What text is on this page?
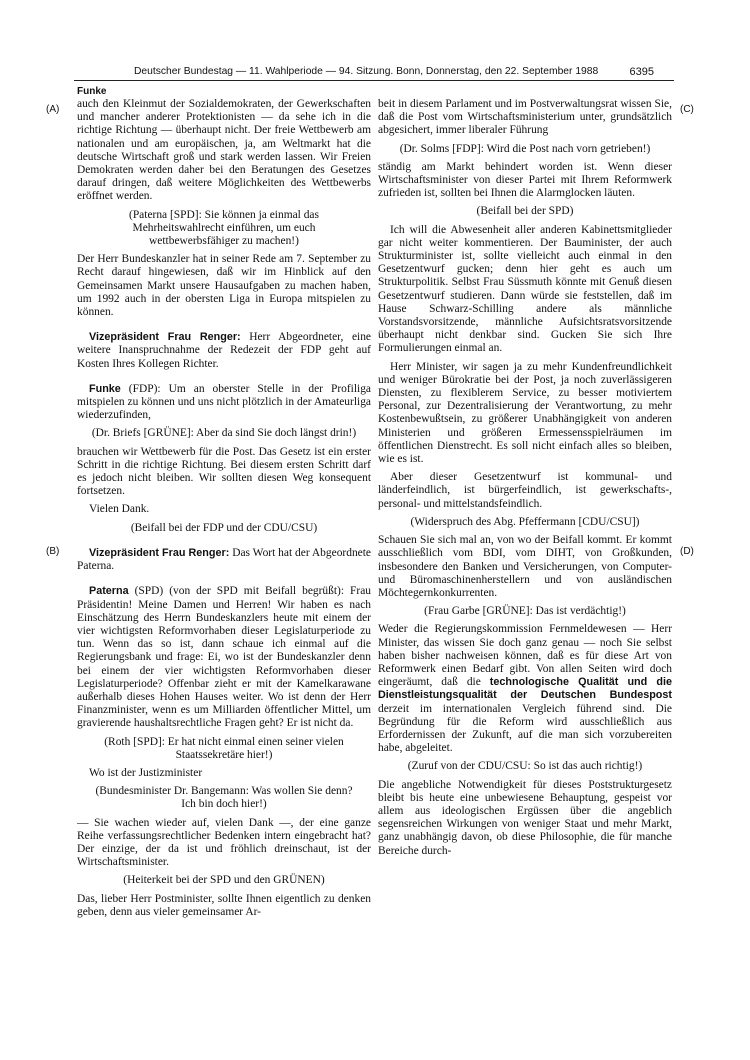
Deutscher Bundestag — 11. Wahlperiode — 94. Sitzung. Bonn, Donnerstag, den 22. September 1988	6395
Funke
(A)
(B)
(C)
(D)

auch den Kleinmut der Sozialdemokraten, der Gewerkschaften und mancher anderer Protektionisten — da sehe ich in die richtige Richtung — überhaupt nicht. Der freie Wettbewerb am nationalen und am europäischen, ja, am Weltmarkt hat die deutsche Wirtschaft groß und stark werden lassen. Wir Freien Demokraten werden daher bei den Beratungen des Gesetzes darauf dringen, daß weitere Möglichkeiten des Wettbewerbs eröffnet werden.

(Paterna [SPD]: Sie können ja einmal das Mehrheitswahlrecht einführen, um euch wettbewerbsfähiger zu machen!)

Der Herr Bundeskanzler hat in seiner Rede am 7. September zu Recht darauf hingewiesen, daß wir im Hinblick auf den Gemeinsamen Markt unsere Hausaufgaben zu machen haben, um 1992 auch in der obersten Liga in Europa mitspielen zu können.

Vizepräsident Frau Renger: Herr Abgeordneter, eine weitere Inanspruchnahme der Redezeit der FDP geht auf Kosten Ihres Kollegen Richter.

Funke (FDP): Um an oberster Stelle in der Profiliga mitspielen zu können und uns nicht plötzlich in der Amateurliga wiederzufinden,

(Dr. Briefs [GRÜNE]: Aber da sind Sie doch längst drin!)

brauchen wir Wettbewerb für die Post. Das Gesetz ist ein erster Schritt in die richtige Richtung. Bei diesem ersten Schritt darf es jedoch nicht bleiben. Wir sollten diesen Weg konsequent fortsetzen.

Vielen Dank.

(Beifall bei der FDP und der CDU/CSU)

Vizepräsident Frau Renger: Das Wort hat der Abgeordnete Paterna.

Paterna (SPD) (von der SPD mit Beifall begrüßt): Frau Präsidentin! Meine Damen und Herren! Wir haben es nach Einschätzung des Herrn Bundeskanzlers heute mit einem der vier wichtigsten Reformvorhaben dieser Legislaturperiode zu tun. Wenn das so ist, dann schaue ich einmal auf die Regierungsbank und frage: Ei, wo ist der Bundeskanzler denn bei einem der vier wichtigsten Reformvorhaben dieser Legislaturperiode? Offenbar zieht er mit der Kamelkarawane außerhalb dieses Hohen Hauses weiter. Wo ist denn der Herr Finanzminister, wenn es um Milliarden öffentlicher Mittel, um gravierende haushaltsrechtliche Fragen geht? Er ist nicht da.

(Roth [SPD]: Er hat nicht einmal einen seiner vielen Staatssekretäre hier!)

Wo ist der Justizminister

(Bundesminister Dr. Bangemann: Was wollen Sie denn? Ich bin doch hier!)

— Sie wachen wieder auf, vielen Dank —, der eine ganze Reihe verfassungsrechtlicher Bedenken intern eingebracht hat? Der einzige, der da ist und fröhlich dreinschaut, ist der Wirtschaftsminister.

(Heiterkeit bei der SPD und den GRÜNEN)

Das, lieber Herr Postminister, sollte Ihnen eigentlich zu denken geben, denn aus vieler gemeinsamer Ar-

beit in diesem Parlament und im Postverwaltungsrat wissen Sie, daß die Post vom Wirtschaftsministerium unter, grundsätzlich abgesichert, immer liberaler Führung

(Dr. Solms [FDP]: Wird die Post nach vorn getrieben!)

ständig am Markt behindert worden ist. Wenn dieser Wirtschaftsminister von dieser Partei mit Ihrem Reformwerk zufrieden ist, sollten bei Ihnen die Alarmglocken läuten.

(Beifall bei der SPD)

Ich will die Abwesenheit aller anderen Kabinettsmitglieder gar nicht weiter kommentieren. Der Bauminister, der auch Strukturminister ist, sollte vielleicht auch einmal in den Gesetzentwurf gucken; denn hier geht es auch um Strukturpolitik. Selbst Frau Süssmuth könnte mit Genuß diesen Gesetzentwurf studieren. Dann würde sie feststellen, daß im Hause Schwarz-Schilling andere als männliche Vorstandsvorsitzende, männliche Aufsichtsratsvorsitzende überhaupt nicht denkbar sind. Gucken Sie sich Ihre Formulierungen einmal an.

Herr Minister, wir sagen ja zu mehr Kundenfreundlichkeit und weniger Bürokratie bei der Post, ja noch zuverlässigeren Diensten, zu flexiblerem Service, zu besser motiviertem Personal, zur Dezentralisierung der Verantwortung, zu mehr Kostenbewußtsein, zu größerer Unabhängigkeit von anderen Ministerien und größeren Ermessensspielräumen im öffentlichen Dienstrecht. Es soll nicht einfach alles so bleiben, wie es ist.

Aber dieser Gesetzentwurf ist kommunal- und länderfeindlich, ist bürgerfeindlich, ist gewerkschafts-, personal- und mittelstandsfeindlich.

(Widerspruch des Abg. Pfeffermann [CDU/CSU])

Schauen Sie sich mal an, von wo der Beifall kommt. Er kommt ausschließlich vom BDI, vom DIHT, von Großkunden, insbesondere den Banken und Versicherungen, von Computer- und Büromaschinenherstellern und von ausländischen Möchtegernkonkurrenten.

(Frau Garbe [GRÜNE]: Das ist verdächtig!)

Weder die Regierungskommission Fernmeldewesen — Herr Minister, das wissen Sie doch ganz genau — noch Sie selbst haben bisher nachweisen können, daß es für diese Art von Reformwerk einen Bedarf gibt. Von allen Seiten wird doch eingeräumt, daß die technologische Qualität und die Dienstleistungsqualität der Deutschen Bundespost derzeit im internationalen Vergleich führend sind. Die Begründung für die Reform wird ausschließlich aus Erfordernissen der Zukunft, auf die man sich vorzubereiten habe, abgeleitet.

(Zuruf von der CDU/CSU: So ist das auch richtig!)

Die angebliche Notwendigkeit für dieses Poststrukturgesetz bleibt bis heute eine unbewiesene Behauptung, gespeist vor allem aus ideologischen Ergüssen über die angeblich segensreichen Wirkungen von weniger Staat und mehr Markt, ganz unabhängig davon, ob diese Philosophie, die für manche Bereiche durch-
